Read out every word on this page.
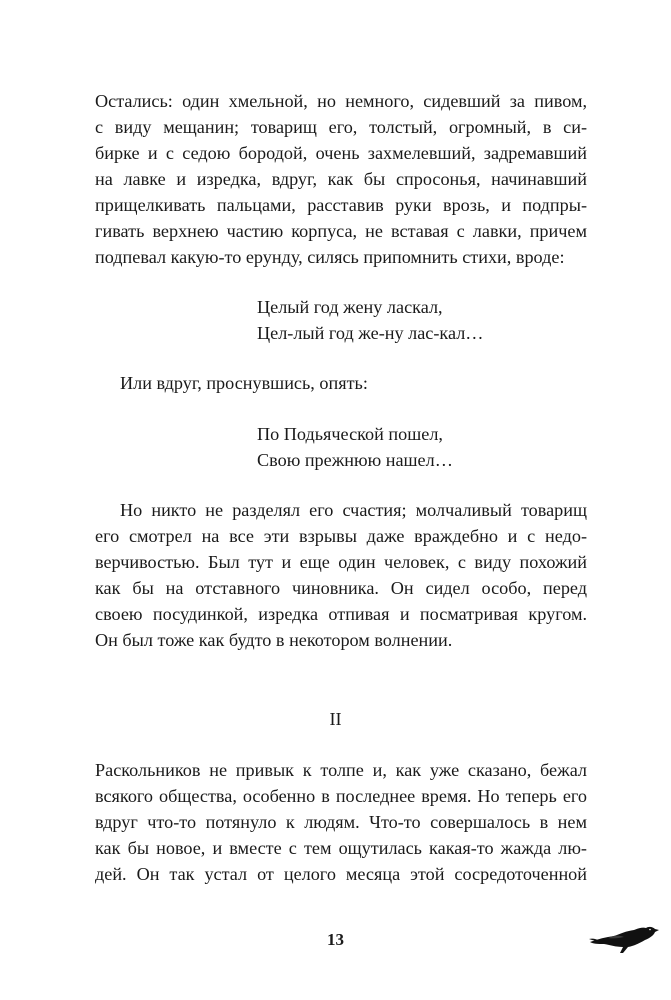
Остались: один хмельной, но немного, сидевший за пивом,
с виду мещанин; товарищ его, толстый, огромный, в си-
бирке и с седою бородой, очень захмелевший, задремавший
на лавке и изредка, вдруг, как бы спросонья, начинавший
прищелкивать пальцами, расставив руки врозь, и подпры-
гивать верхнею частию корпуса, не вставая с лавки, причем
подпевал какую-то ерунду, силясь припомнить стихи, вроде:
Целый год жену ласкал,
Цел-лый год же-ну лас-кал…
Или вдруг, проснувшись, опять:
По Подьяческой пошел,
Свою прежнюю нашел…
Но никто не разделял его счастия; молчаливый товарищ
его смотрел на все эти взрывы даже враждебно и с недо-
верчивостью. Был тут и еще один человек, с виду похожий
как бы на отставного чиновника. Он сидел особо, перед
своею посудинкой, изредка отпивая и посматривая кругом.
Он был тоже как будто в некотором волнении.
II
Раскольников не привык к толпе и, как уже сказано, бежал
всякого общества, особенно в последнее время. Но теперь его
вдруг что-то потянуло к людям. Что-то совершалось в нем
как бы новое, и вместе с тем ощутилась какая-то жажда лю-
дей. Он так устал от целого месяца этой сосредоточенной
13
